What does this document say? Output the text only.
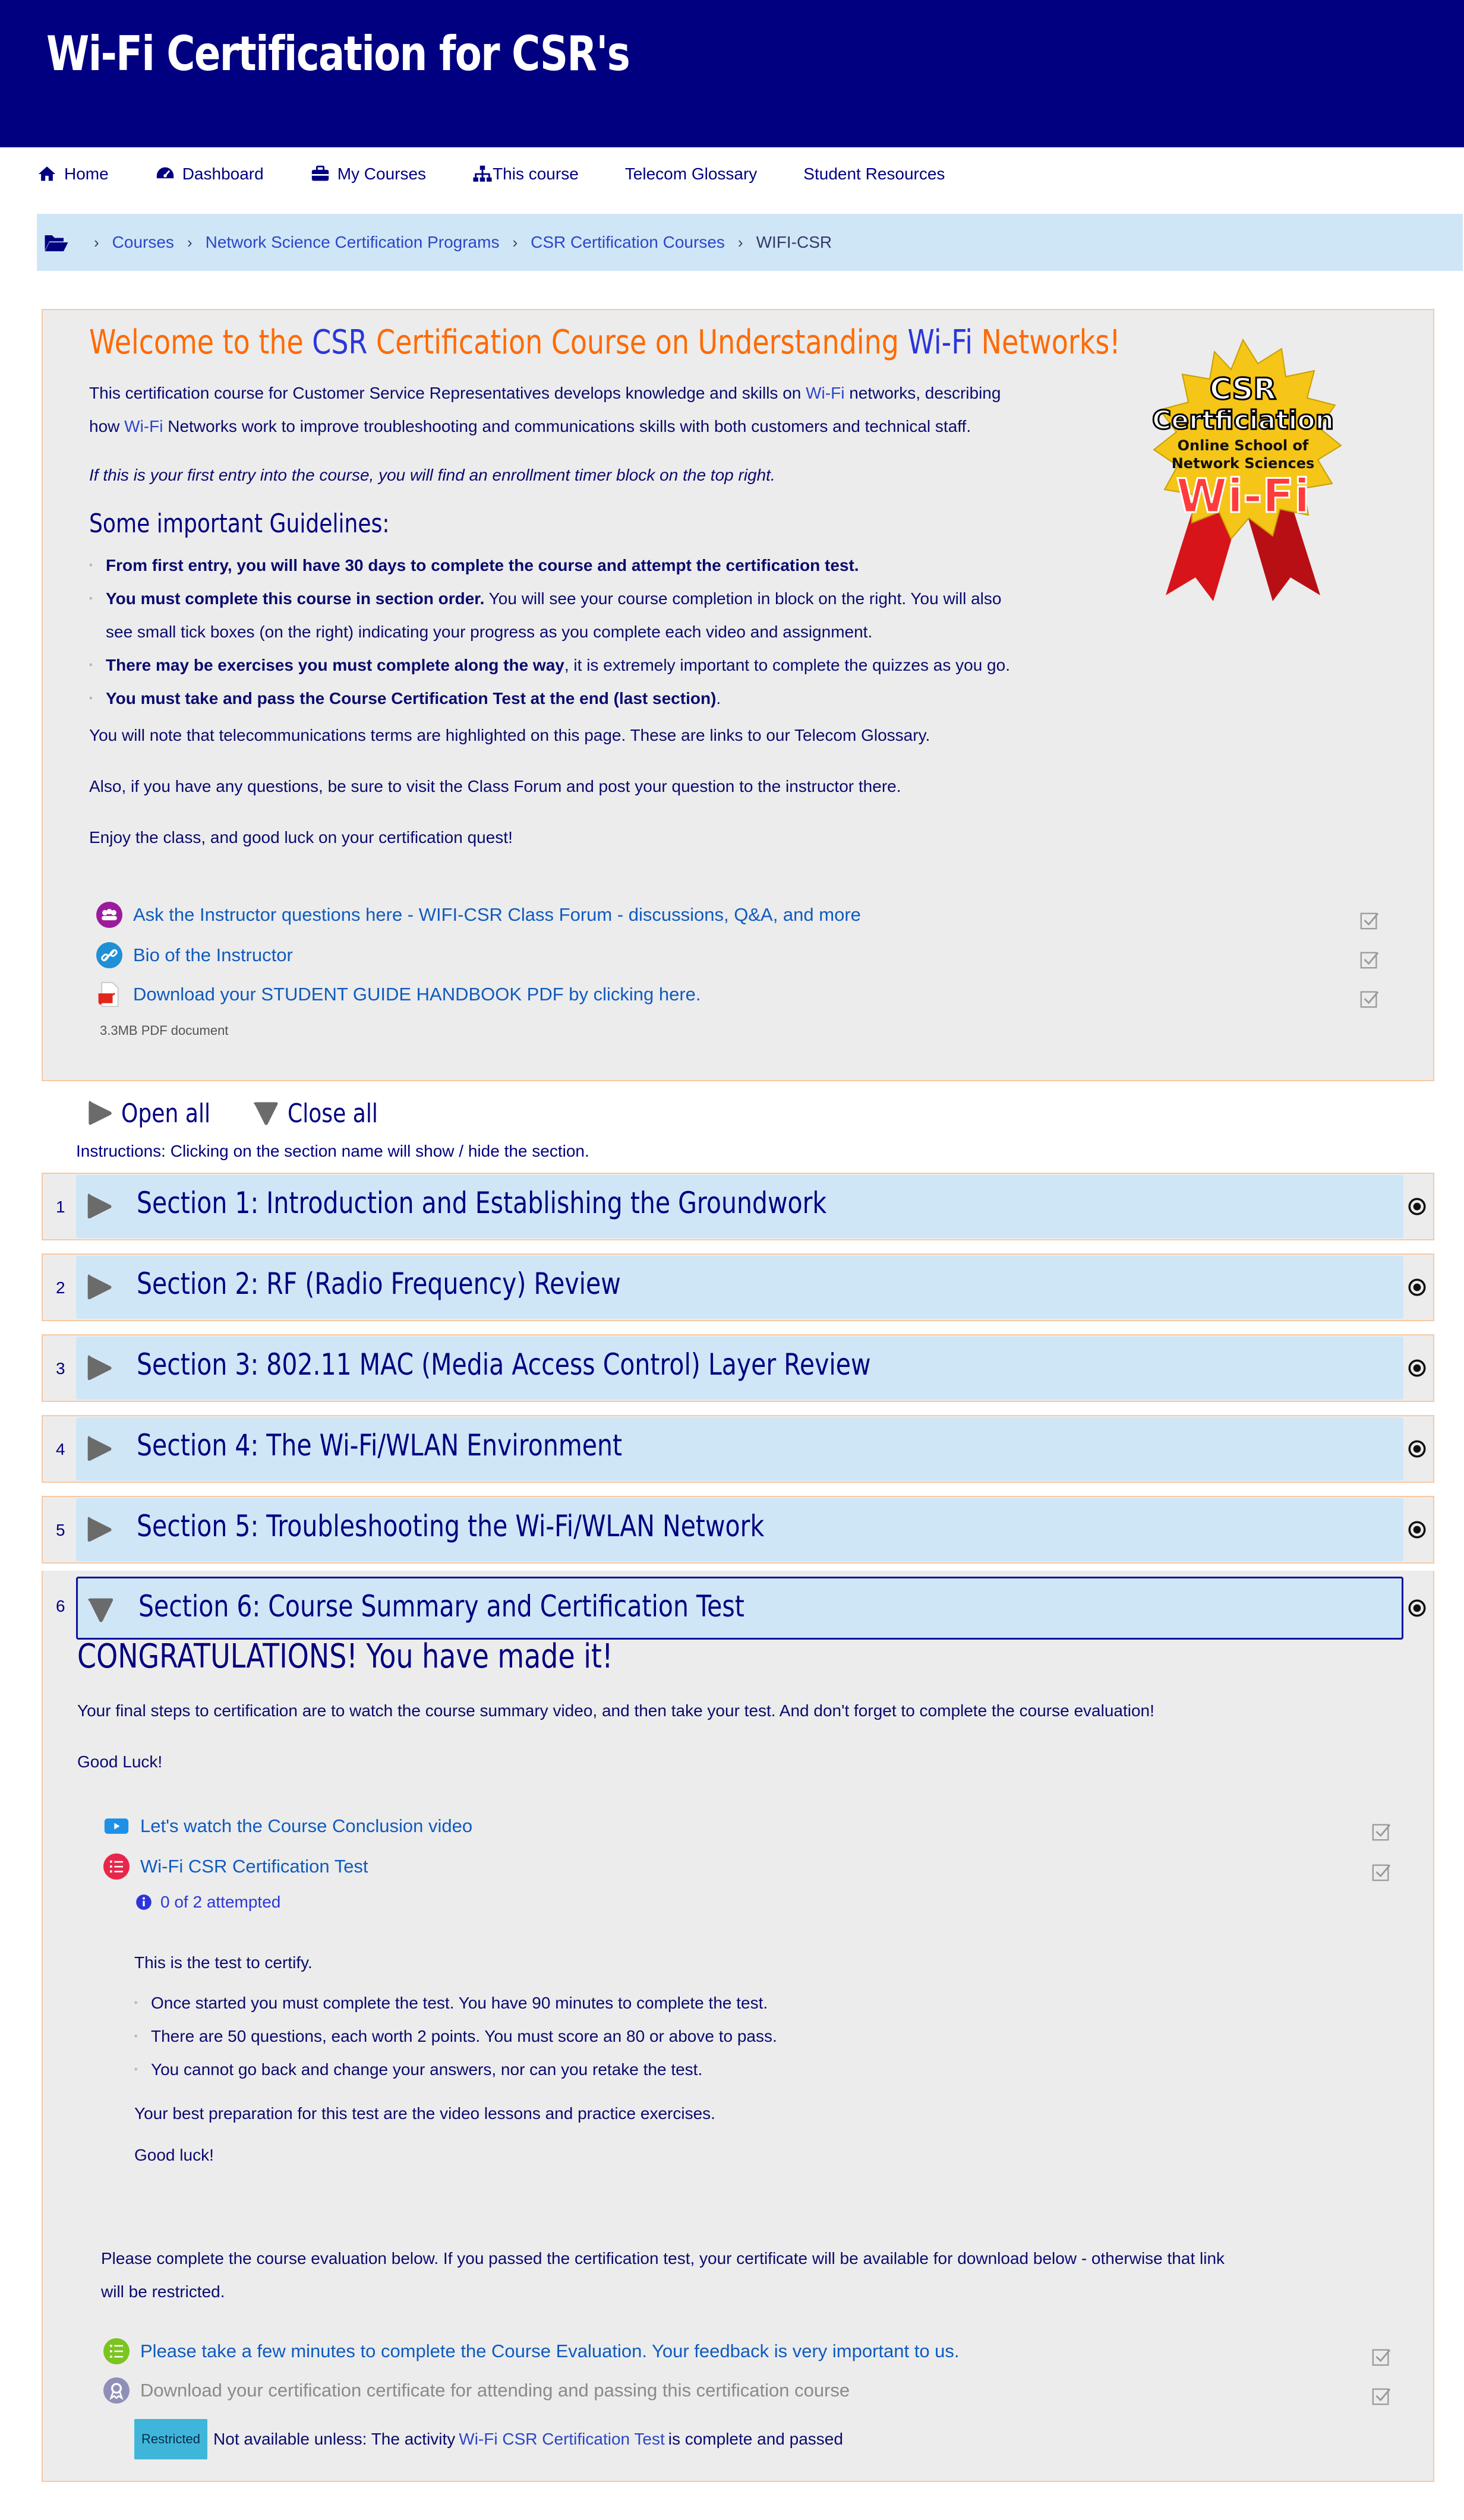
Wi-Fi Certification for CSR's
Home	Dashboard	My Courses	This course	Telecom Glossary	Student Resources
› Courses › Network Science Certification Programs › CSR Certification Courses › WIFI-CSR
Welcome to the CSR Certification Course on Understanding Wi-Fi Networks!
This certification course for Customer Service Representatives develops knowledge and skills on Wi-Fi networks, describing
how Wi-Fi Networks work to improve troubleshooting and communications skills with both customers and technical staff.
If this is your first entry into the course, you will find an enrollment timer block on the top right.
Some important Guidelines:
◦ From first entry, you will have 30 days to complete the course and attempt the certification test.
◦ You must complete this course in section order. You will see your course completion in block on the right. You will also
see small tick boxes (on the right) indicating your progress as you complete each video and assignment.
◦ There may be exercises you must complete along the way, it is extremely important to complete the quizzes as you go.
◦ You must take and pass the Course Certification Test at the end (last section).
You will note that telecommunications terms are highlighted on this page. These are links to our Telecom Glossary.
Also, if you have any questions, be sure to visit the Class Forum and post your question to the instructor there.
Enjoy the class, and good luck on your certification quest!
CSR
Certficiation
Online School of
Network Sciences
Wi-Fi
Ask the Instructor questions here - WIFI-CSR Class Forum - discussions, Q&A, and more
Bio of the Instructor
Download your STUDENT GUIDE HANDBOOK PDF by clicking here.
3.3MB PDF document
Open all	Close all
Instructions: Clicking on the section name will show / hide the section.
1 Section 1: Introduction and Establishing the Groundwork
2 Section 2: RF (Radio Frequency) Review
3 Section 3: 802.11 MAC (Media Access Control) Layer Review
4 Section 4: The Wi-Fi/WLAN Environment
5 Section 5: Troubleshooting the Wi-Fi/WLAN Network
6 Section 6: Course Summary and Certification Test
CONGRATULATIONS! You have made it!
Your final steps to certification are to watch the course summary video, and then take your test. And don't forget to complete the course evaluation!
Good Luck!
Let's watch the Course Conclusion video
Wi-Fi CSR Certification Test
0 of 2 attempted
This is the test to certify.
◦ Once started you must complete the test. You have 90 minutes to complete the test.
◦ There are 50 questions, each worth 2 points. You must score an 80 or above to pass.
◦ You cannot go back and change your answers, nor can you retake the test.
Your best preparation for this test are the video lessons and practice exercises.
Good luck!
Please complete the course evaluation below. If you passed the certification test, your certificate will be available for download below - otherwise that link
will be restricted.
Please take a few minutes to complete the Course Evaluation. Your feedback is very important to us.
Download your certification certificate for attending and passing this certification course
Restricted Not available unless: The activity Wi-Fi CSR Certification Test is complete and passed
